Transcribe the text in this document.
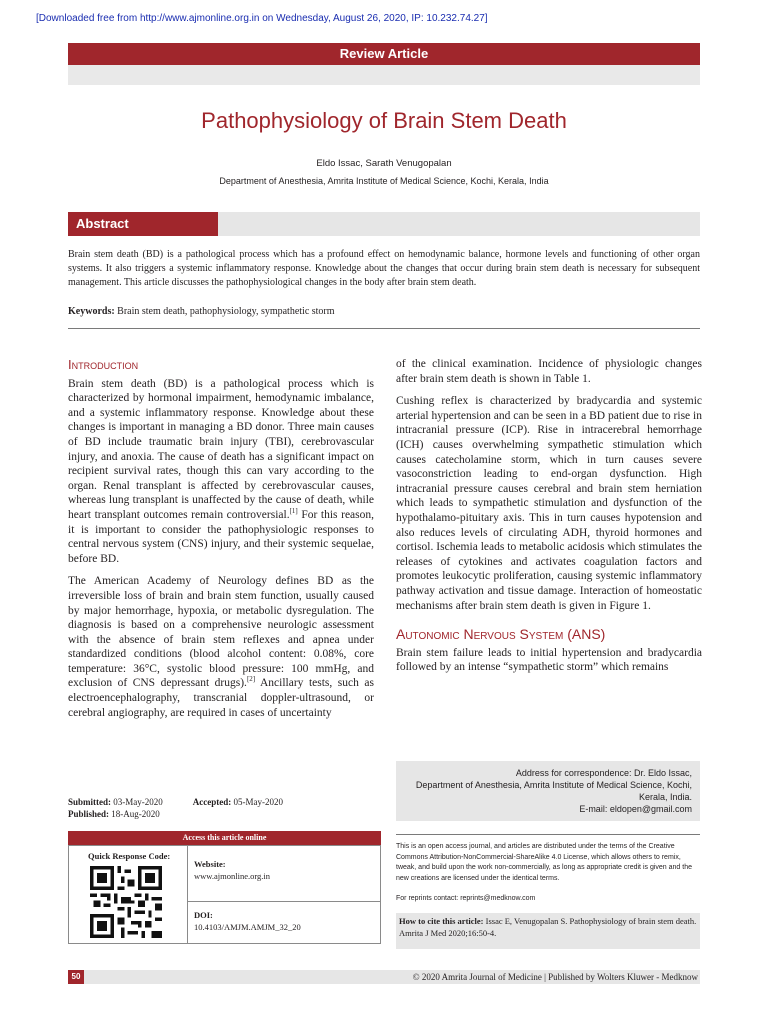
[Downloaded free from http://www.ajmonline.org.in on Wednesday, August 26, 2020, IP: 10.232.74.27]
Review Article
Pathophysiology of Brain Stem Death
Eldo Issac, Sarath Venugopalan
Department of Anesthesia, Amrita Institute of Medical Science, Kochi, Kerala, India
Abstract
Brain stem death (BD) is a pathological process which has a profound effect on hemodynamic balance, hormone levels and functioning of other organ systems. It also triggers a systemic inflammatory response. Knowledge about the changes that occur during brain stem death is necessary for subsequent management. This article discusses the pathophysiological changes in the body after brain stem death.
Keywords: Brain stem death, pathophysiology, sympathetic storm
Introduction

Brain stem death (BD) is a pathological process which is characterized by hormonal impairment, hemodynamic imbalance, and a systemic inflammatory response. Knowledge about these changes is important in managing a BD donor. Three main causes of BD include traumatic brain injury (TBI), cerebrovascular injury, and anoxia. The cause of death has a significant impact on recipient survival rates, though this can vary according to the organ. Renal transplant is affected by cerebrovascular causes, whereas lung transplant is unaffected by the cause of death, while heart transplant outcomes remain controversial.[1] For this reason, it is important to consider the pathophysiologic responses to central nervous system (CNS) injury, and their systemic sequelae, before BD.

The American Academy of Neurology defines BD as the irreversible loss of brain and brain stem function, usually caused by major hemorrhage, hypoxia, or metabolic dysregulation. The diagnosis is based on a comprehensive neurologic assessment with the absence of brain stem reflexes and apnea under standardized conditions (blood alcohol content: 0.08%, core temperature: 36°C, systolic blood pressure: 100 mmHg, and exclusion of CNS depressant drugs).[2] Ancillary tests, such as electroencephalography, transcranial doppler-ultrasound, or cerebral angiography, are required in cases of uncertainty

of the clinical examination. Incidence of physiologic changes after brain stem death is shown in Table 1.

Cushing reflex is characterized by bradycardia and systemic arterial hypertension and can be seen in a BD patient due to rise in intracranial pressure (ICP). Rise in intracerebral hemorrhage (ICH) causes overwhelming sympathetic stimulation which causes catecholamine storm, which in turn causes severe vasoconstriction leading to end-organ dysfunction. High intracranial pressure causes cerebral and brain stem herniation which leads to sympathetic stimulation and dysfunction of the hypothalamo-pituitary axis. This in turn causes hypotension and also reduces levels of circulating ADH, thyroid hormones and cortisol. Ischemia leads to metabolic acidosis which stimulates the releases of cytokines and activates coagulation factors and promotes leukocytic proliferation, causing systemic inflammatory pathway activation and tissue damage. Interaction of homeostatic mechanisms after brain stem death is given in Figure 1.

Autonomic Nervous System (ANS)

Brain stem failure leads to initial hypertension and bradycardia followed by an intense “sympathetic storm” which remains

Address for correspondence: Dr. Eldo Issac,
Department of Anesthesia, Amrita Institute of Medical Science, Kochi,
Kerala, India.
E-mail: eldopen@gmail.com
Submitted: 03-May-2020	Accepted: 05-May-2020
Published: 18-Aug-2020
Access this article online
Quick Response Code:
Website:
www.ajmonline.org.in
DOI:
10.4103/AMJM.AMJM_32_20
This is an open access journal, and articles are distributed under the terms of the Creative Commons Attribution-NonCommercial-ShareAlike 4.0 License, which allows others to remix, tweak, and build upon the work non-commercially, as long as appropriate credit is given and the new creations are licensed under the identical terms.
For reprints contact: reprints@medknow.com
How to cite this article: Issac E, Venugopalan S. Pathophysiology of brain stem death. Amrita J Med 2020;16:50-4.
50	© 2020 Amrita Journal of Medicine | Published by Wolters Kluwer - Medknow
